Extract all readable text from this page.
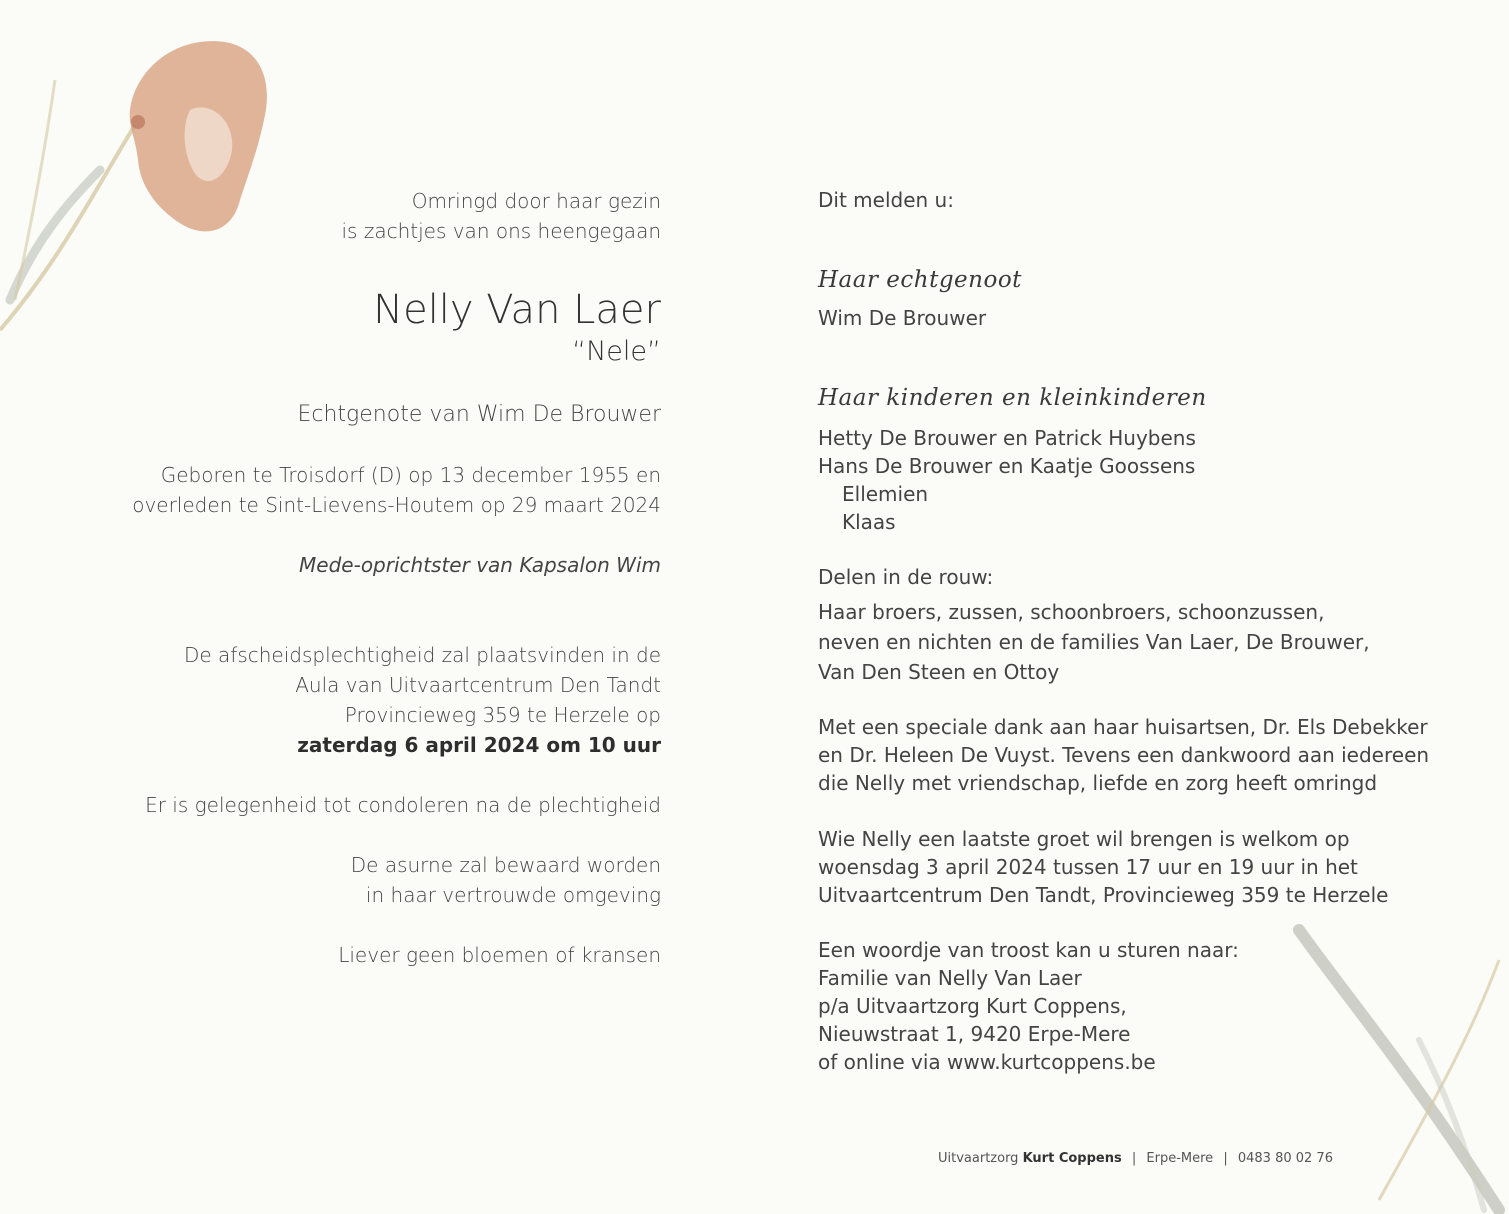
Omringd door haar gezin

is zachtjes van ons heengegaan

Nelly Van Laer

“Nele”

Echtgenote van Wim De Brouwer

Geboren te Troisdorf (D) op 13 december 1955 en

overleden te Sint-Lievens-Houtem op 29 maart 2024

Mede-oprichtster van Kapsalon Wim

De afscheidsplechtigheid zal plaatsvinden in de

Aula van Uitvaartcentrum Den Tandt

Provincieweg 359 te Herzele op

zaterdag 6 april 2024 om 10 uur

Er is gelegenheid tot condoleren na de plechtigheid

De asurne zal bewaard worden

in haar vertrouwde omgeving

Liever geen bloemen of kransen

Dit melden u:

Haar echtgenoot

Wim De Brouwer

Haar kinderen en kleinkinderen

Hetty De Brouwer en Patrick Huybens

Hans De Brouwer en Kaatje Goossens

Ellemien

Klaas

Delen in de rouw:

Haar broers, zussen, schoonbroers, schoonzussen,

neven en nichten en de families Van Laer, De Brouwer,

Van Den Steen en Ottoy

Met een speciale dank aan haar huisartsen, Dr. Els Debekker

en Dr. Heleen De Vuyst. Tevens een dankwoord aan iedereen

die Nelly met vriendschap, liefde en zorg heeft omringd

Wie Nelly een laatste groet wil brengen is welkom op

woensdag 3 april 2024 tussen 17 uur en 19 uur in het

Uitvaartcentrum Den Tandt, Provincieweg 359 te Herzele

Een woordje van troost kan u sturen naar:

Familie van Nelly Van Laer

p/a Uitvaartzorg Kurt Coppens,

Nieuwstraat 1, 9420 Erpe-Mere

of online via www.kurtcoppens.be

Uitvaartzorg Kurt Coppens | Erpe-Mere | 0483 80 02 76
